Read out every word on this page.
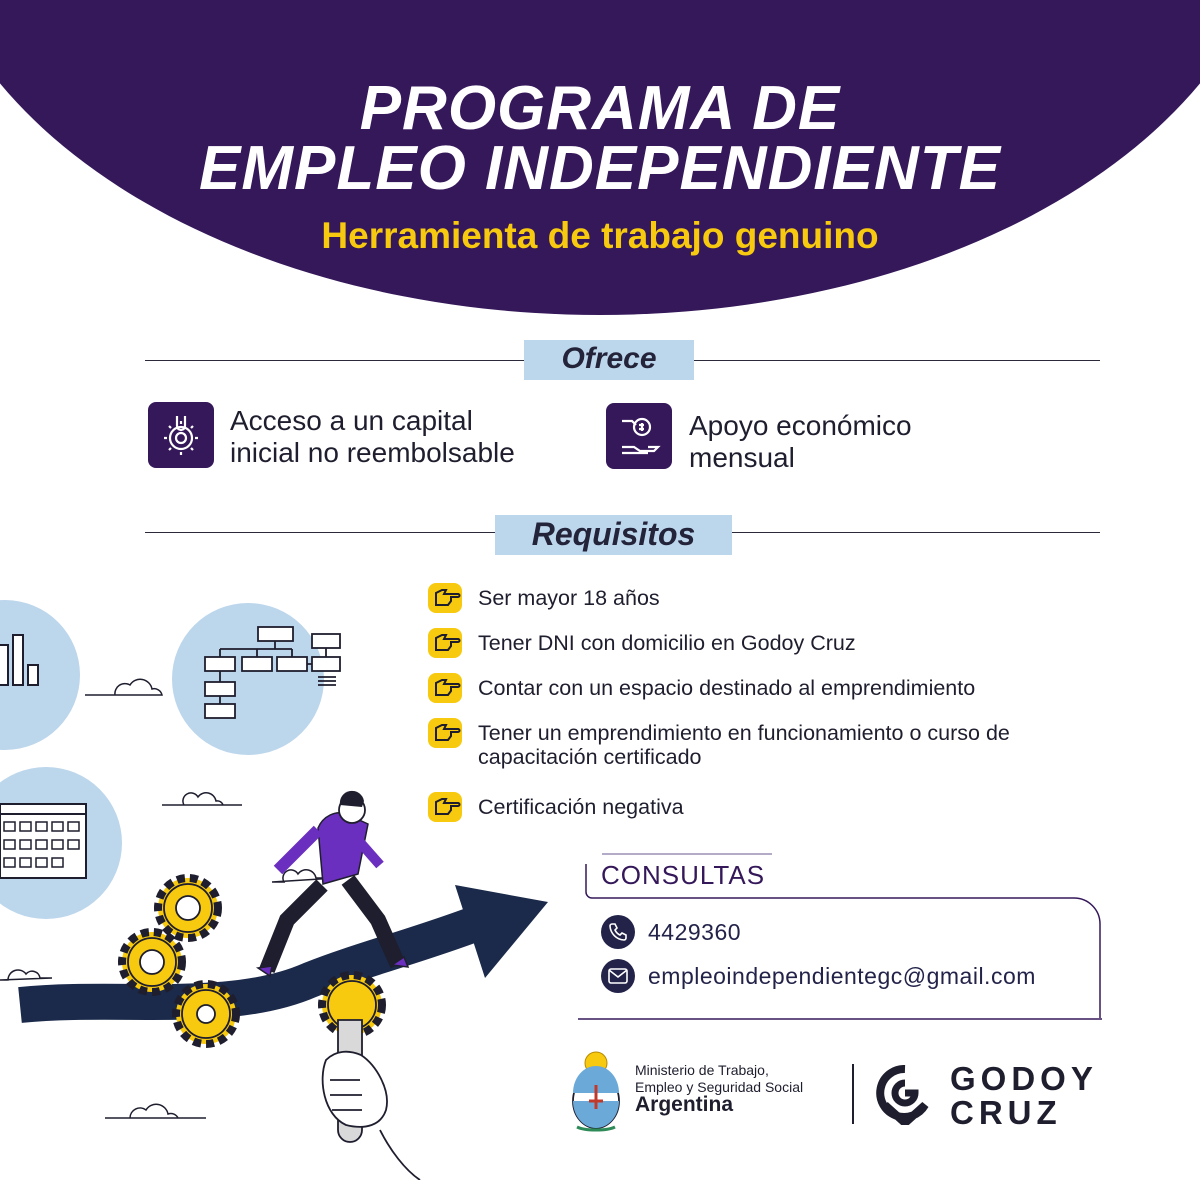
PROGRAMA DE
EMPLEO INDEPENDIENTE
Herramienta de trabajo genuino
Ofrece
Acceso a un capital
inicial no reembolsable
Apoyo económico
mensual
Requisitos
Ser mayor 18 años
Tener DNI con domicilio en Godoy Cruz
Contar con un espacio destinado al emprendimiento
Tener un emprendimiento en funcionamiento o curso de capacitación certificado
Certificación negativa
CONSULTAS
4429360
empleoindependientegc@gmail.com
Ministerio de Trabajo,
Empleo y Seguridad Social
Argentina
GODOY
CRUZ
